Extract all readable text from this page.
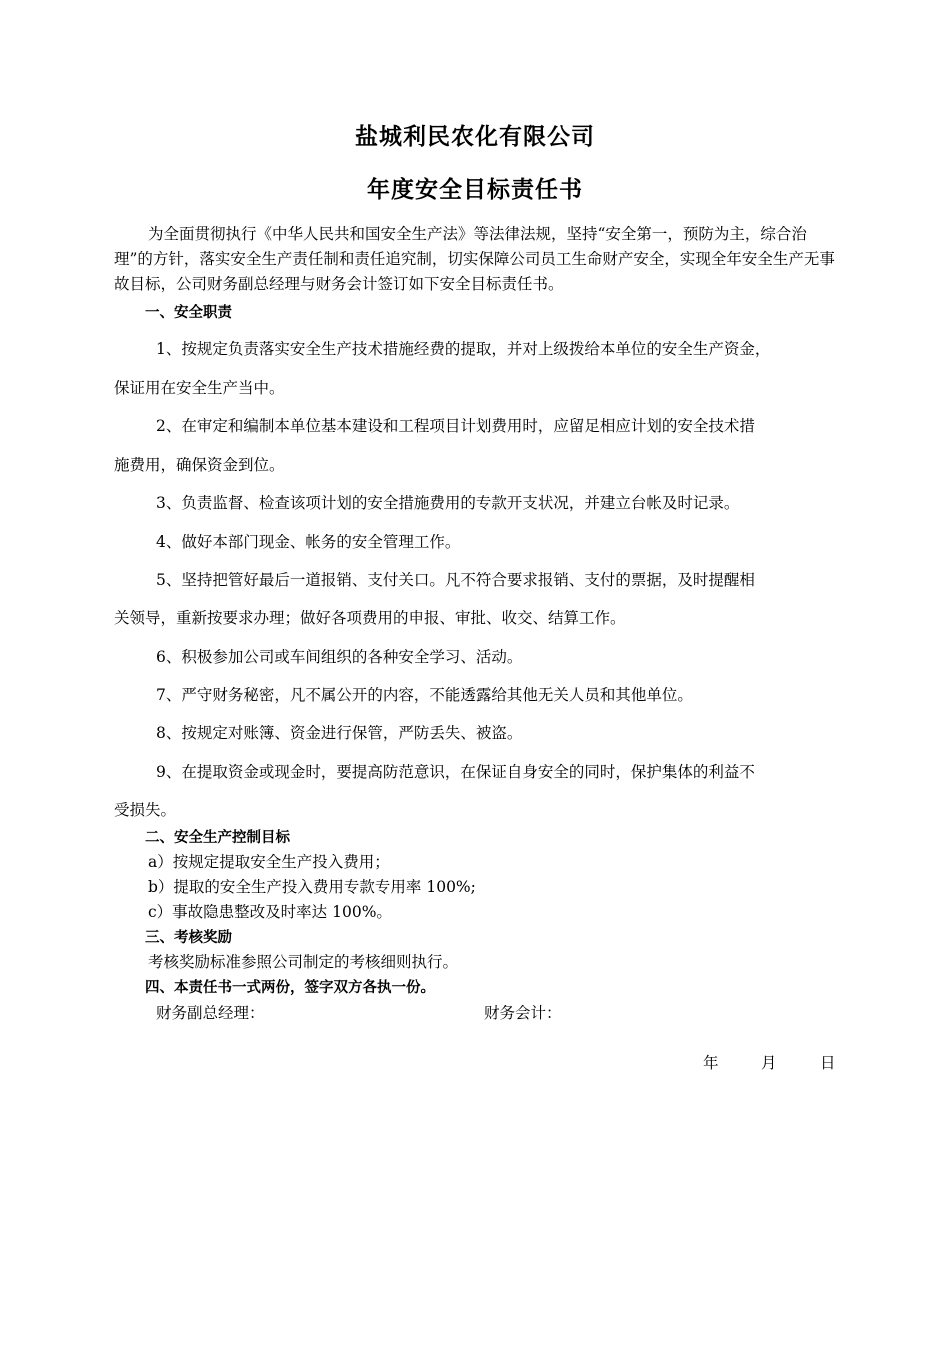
盐城利民农化有限公司
年度安全目标责任书
为全面贯彻执行《中华人民共和国安全生产法》等法律法规，坚持“安全第一，预防为主，综合治理”的方针，落实安全生产责任制和责任追究制，切实保障公司员工生命财产安全，实现全年安全生产无事故目标，公司财务副总经理与财务会计签订如下安全目标责任书。
一、安全职责
1、按规定负责落实安全生产技术措施经费的提取，并对上级拨给本单位的安全生产资金，
保证用在安全生产当中。
2、在审定和编制本单位基本建设和工程项目计划费用时，应留足相应计划的安全技术措
施费用，确保资金到位。
3、负责监督、检查该项计划的安全措施费用的专款开支状况，并建立台帐及时记录。
4、做好本部门现金、帐务的安全管理工作。
5、坚持把管好最后一道报销、支付关口。凡不符合要求报销、支付的票据，及时提醒相
关领导，重新按要求办理；做好各项费用的申报、审批、收交、结算工作。
6、积极参加公司或车间组织的各种安全学习、活动。
7、严守财务秘密，凡不属公开的内容，不能透露给其他无关人员和其他单位。
8、按规定对账簿、资金进行保管，严防丢失、被盗。
9、在提取资金或现金时，要提高防范意识，在保证自身安全的同时，保护集体的利益不
受损失。
二、安全生产控制目标
a）按规定提取安全生产投入费用；
b）提取的安全生产投入费用专款专用率 100%;
c）事故隐患整改及时率达 100%。
三、考核奖励
考核奖励标准参照公司制定的考核细则执行。
四、本责任书一式两份，签字双方各执一份。
财务副总经理：	财务会计：
年	月	日
